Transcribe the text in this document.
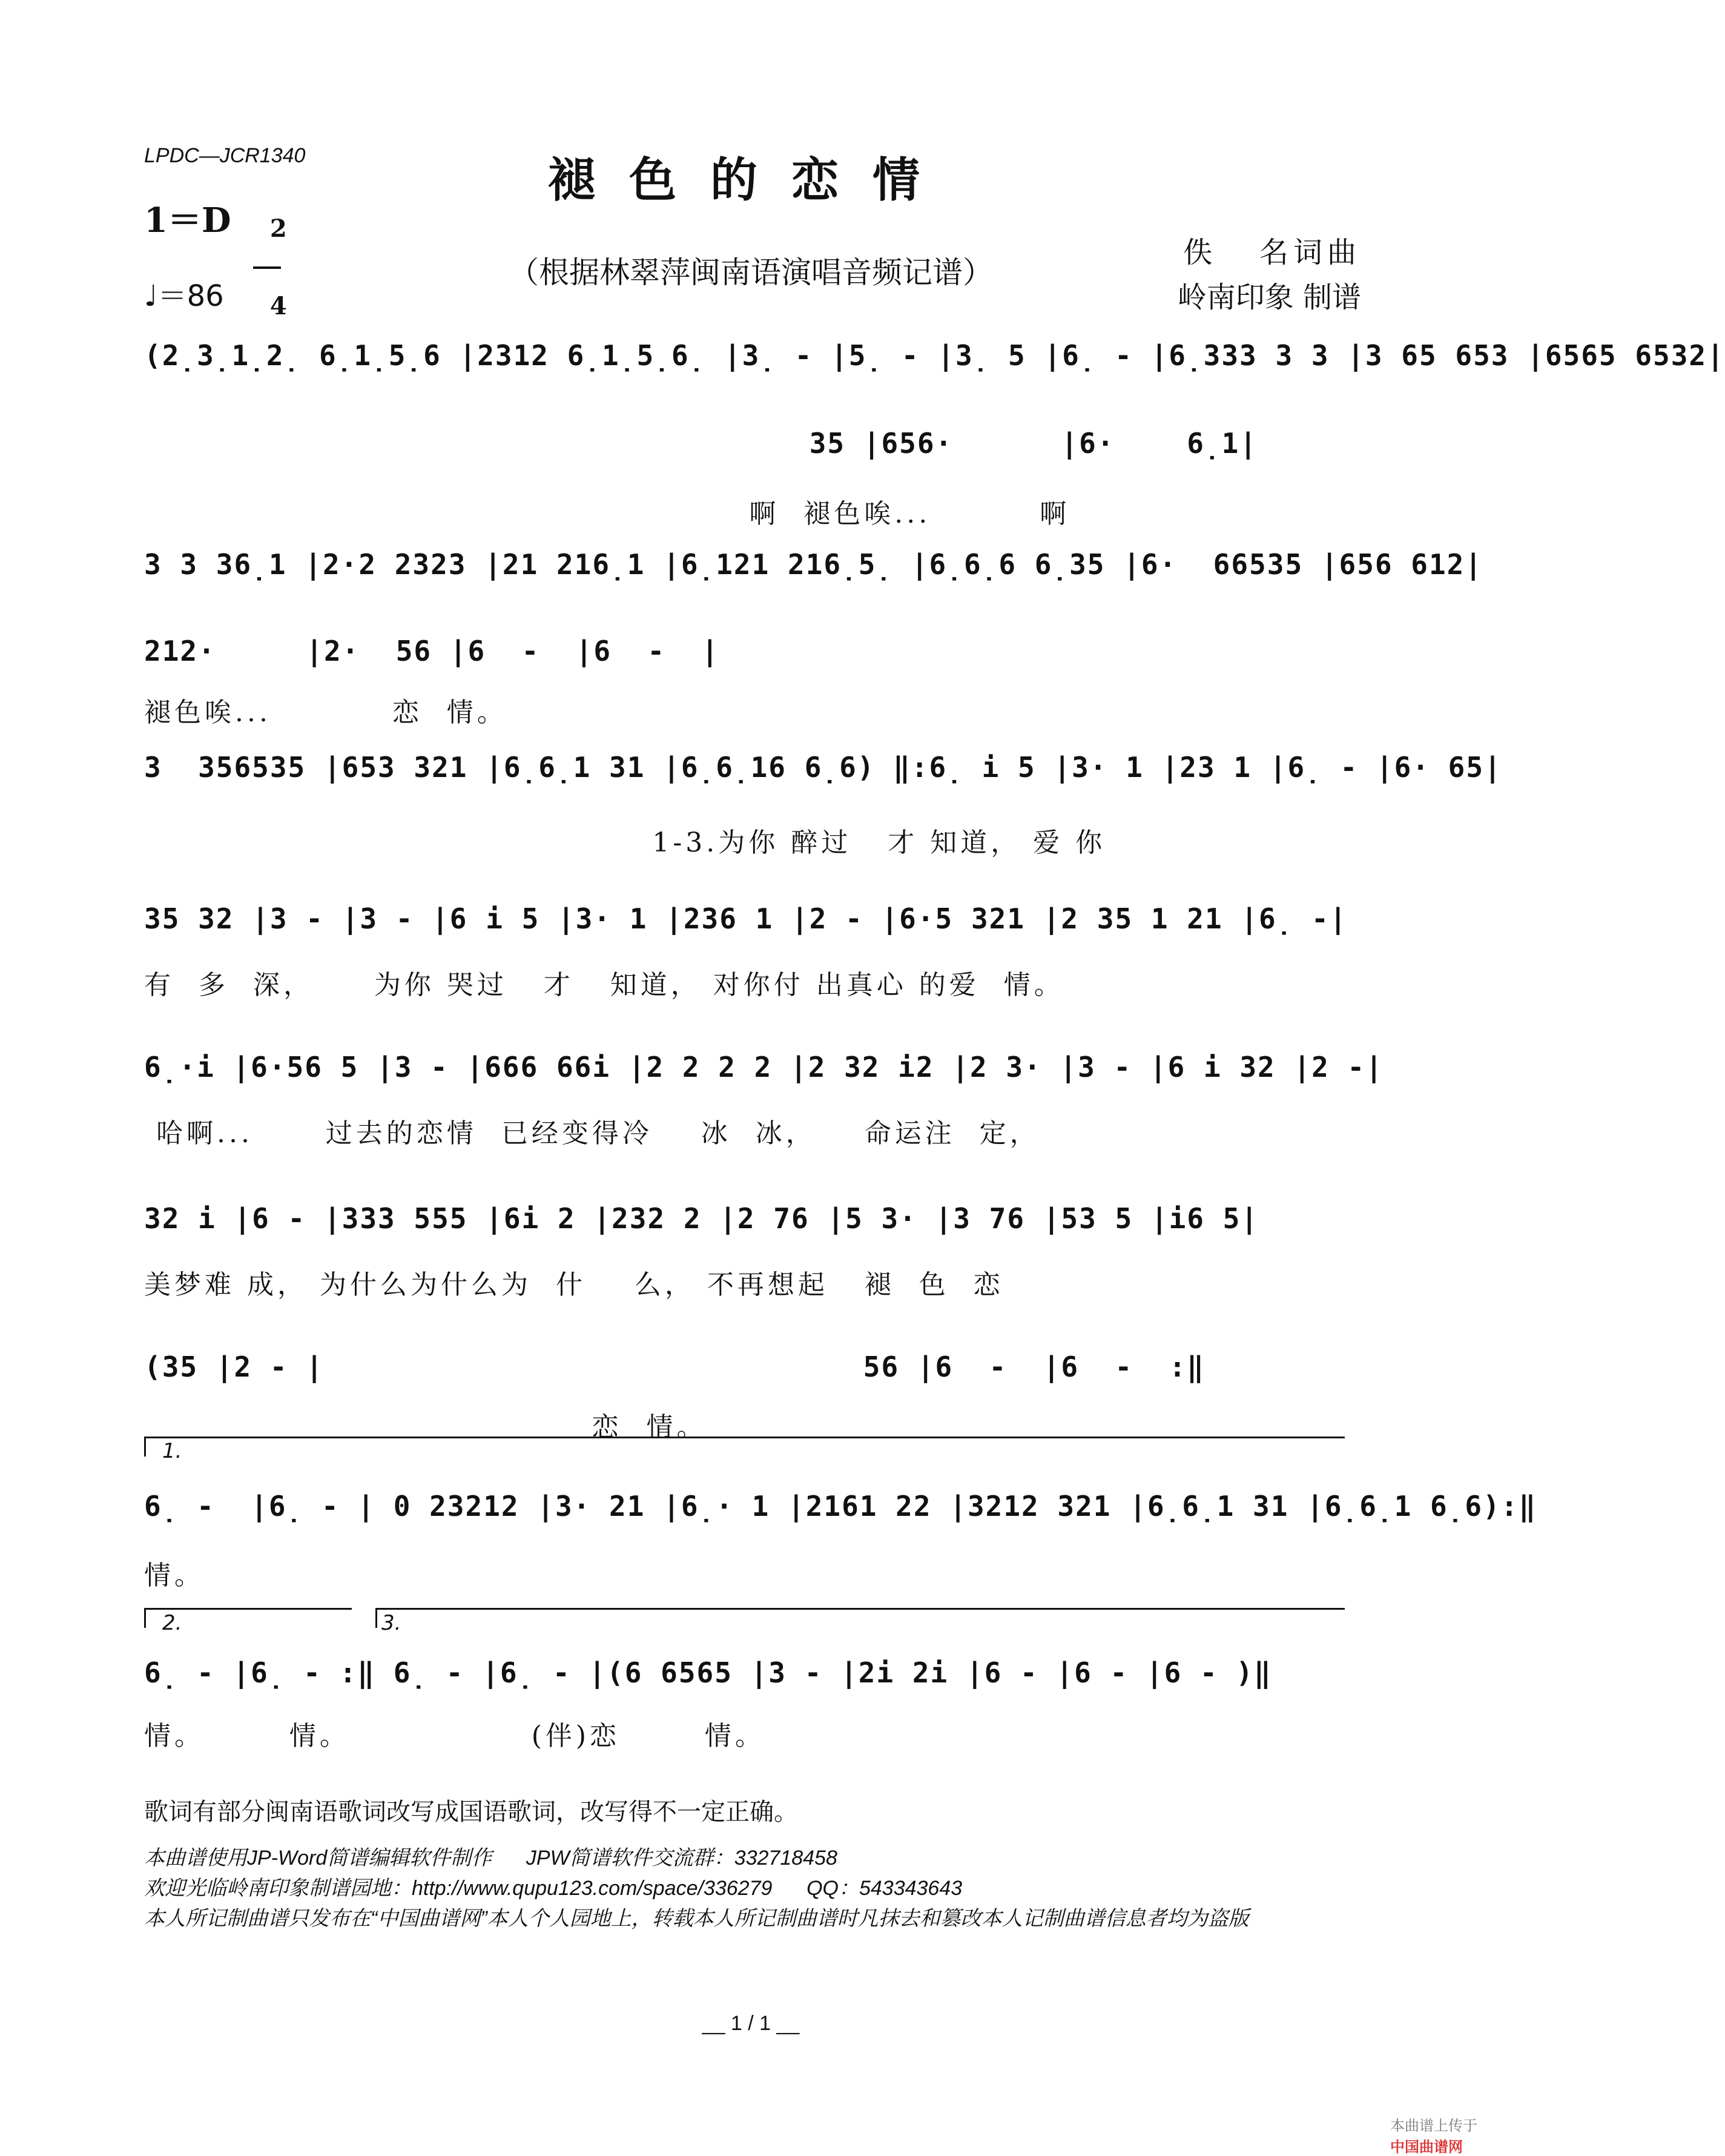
LPDC—JCR1340	褪色的恋情
1＝D	2

4

♩＝86
（根据林翠萍闽南语演唱音频记谱）
佚   名词曲
岭南印象 制谱
(2̣3̣1̣2̣ 6̣1̣5̣6 |2312 6̣1̣5̣6̣ |3̣ - |5̣ - |3̣ 5 |6̣ - |6̣333 3 3 |3 65 653 |6565 6532|
35 |656·      |6·    6̣1|
啊  褪色唉...         啊
3 3 36̣1 |2·2 2323 |21 216̣1 |6̣121 216̣5̣ |6̣6̣6 6̣35 |6·  66535 |656 612|
212·     |2·  56 |6  -  |6  -  |
褪色唉...          恋  情。
3  356535 |653 321 |6̣6̣1 31 |6̣6̣16 6̣6) ‖:6̣ i 5 |3· 1 |23 1 |6̣ - |6· 65|
1-3.为你 醉过   才 知道， 爱 你
35 32 |3 - |3 - |6 i 5 |3· 1 |236 1 |2 - |6·5 321 |2 35 1 21 |6̣ -|
有  多  深，     为你 哭过   才   知道， 对你付 出真心 的爱  情。
6̣·i |6·56 5 |3 - |666 66i |2 2 2 2 |2 32 i2 |2 3· |3 - |6 i 32 |2 -|
哈啊...      过去的恋情  已经变得冷    冰  冰，    命运注  定，
32 i |6 - |333 555 |6i 2 |232 2 |2 76 |5 3· |3 76 |53 5 |i6 5|
美梦难 成， 为什么为什么为  什    么， 不再想起   褪  色  恋
(35 |2 - |                              56 |6  -  |6  -  :‖
恋  情。
1.
6̣ -  |6̣ - | 0 23212 |3· 21 |6̣· 1 |2161 22 |3212 321 |6̣6̣1 31 |6̣6̣1 6̣6):‖
情。
2.	3.
6̣ - |6̣ - :‖ 6̣ - |6̣ - |(6 6565 |3 - |2i 2i |6 - |6 - |6 - )‖
情。       情。               (伴)恋       情。
歌词有部分闽南语歌词改写成国语歌词，改写得不一定正确。
本曲谱使用JP-Word简谱编辑软件制作      JPW简谱软件交流群：332718458
欢迎光临岭南印象制谱园地：http://www.qupu123.com/space/336279      QQ：543343643
本人所记制曲谱只发布在“中国曲谱网”本人个人园地上，转载本人所记制曲谱时凡抹去和篡改本人记制曲谱信息者均为盗版
__ 1 / 1 __

本曲谱上传于
中国曲谱网
